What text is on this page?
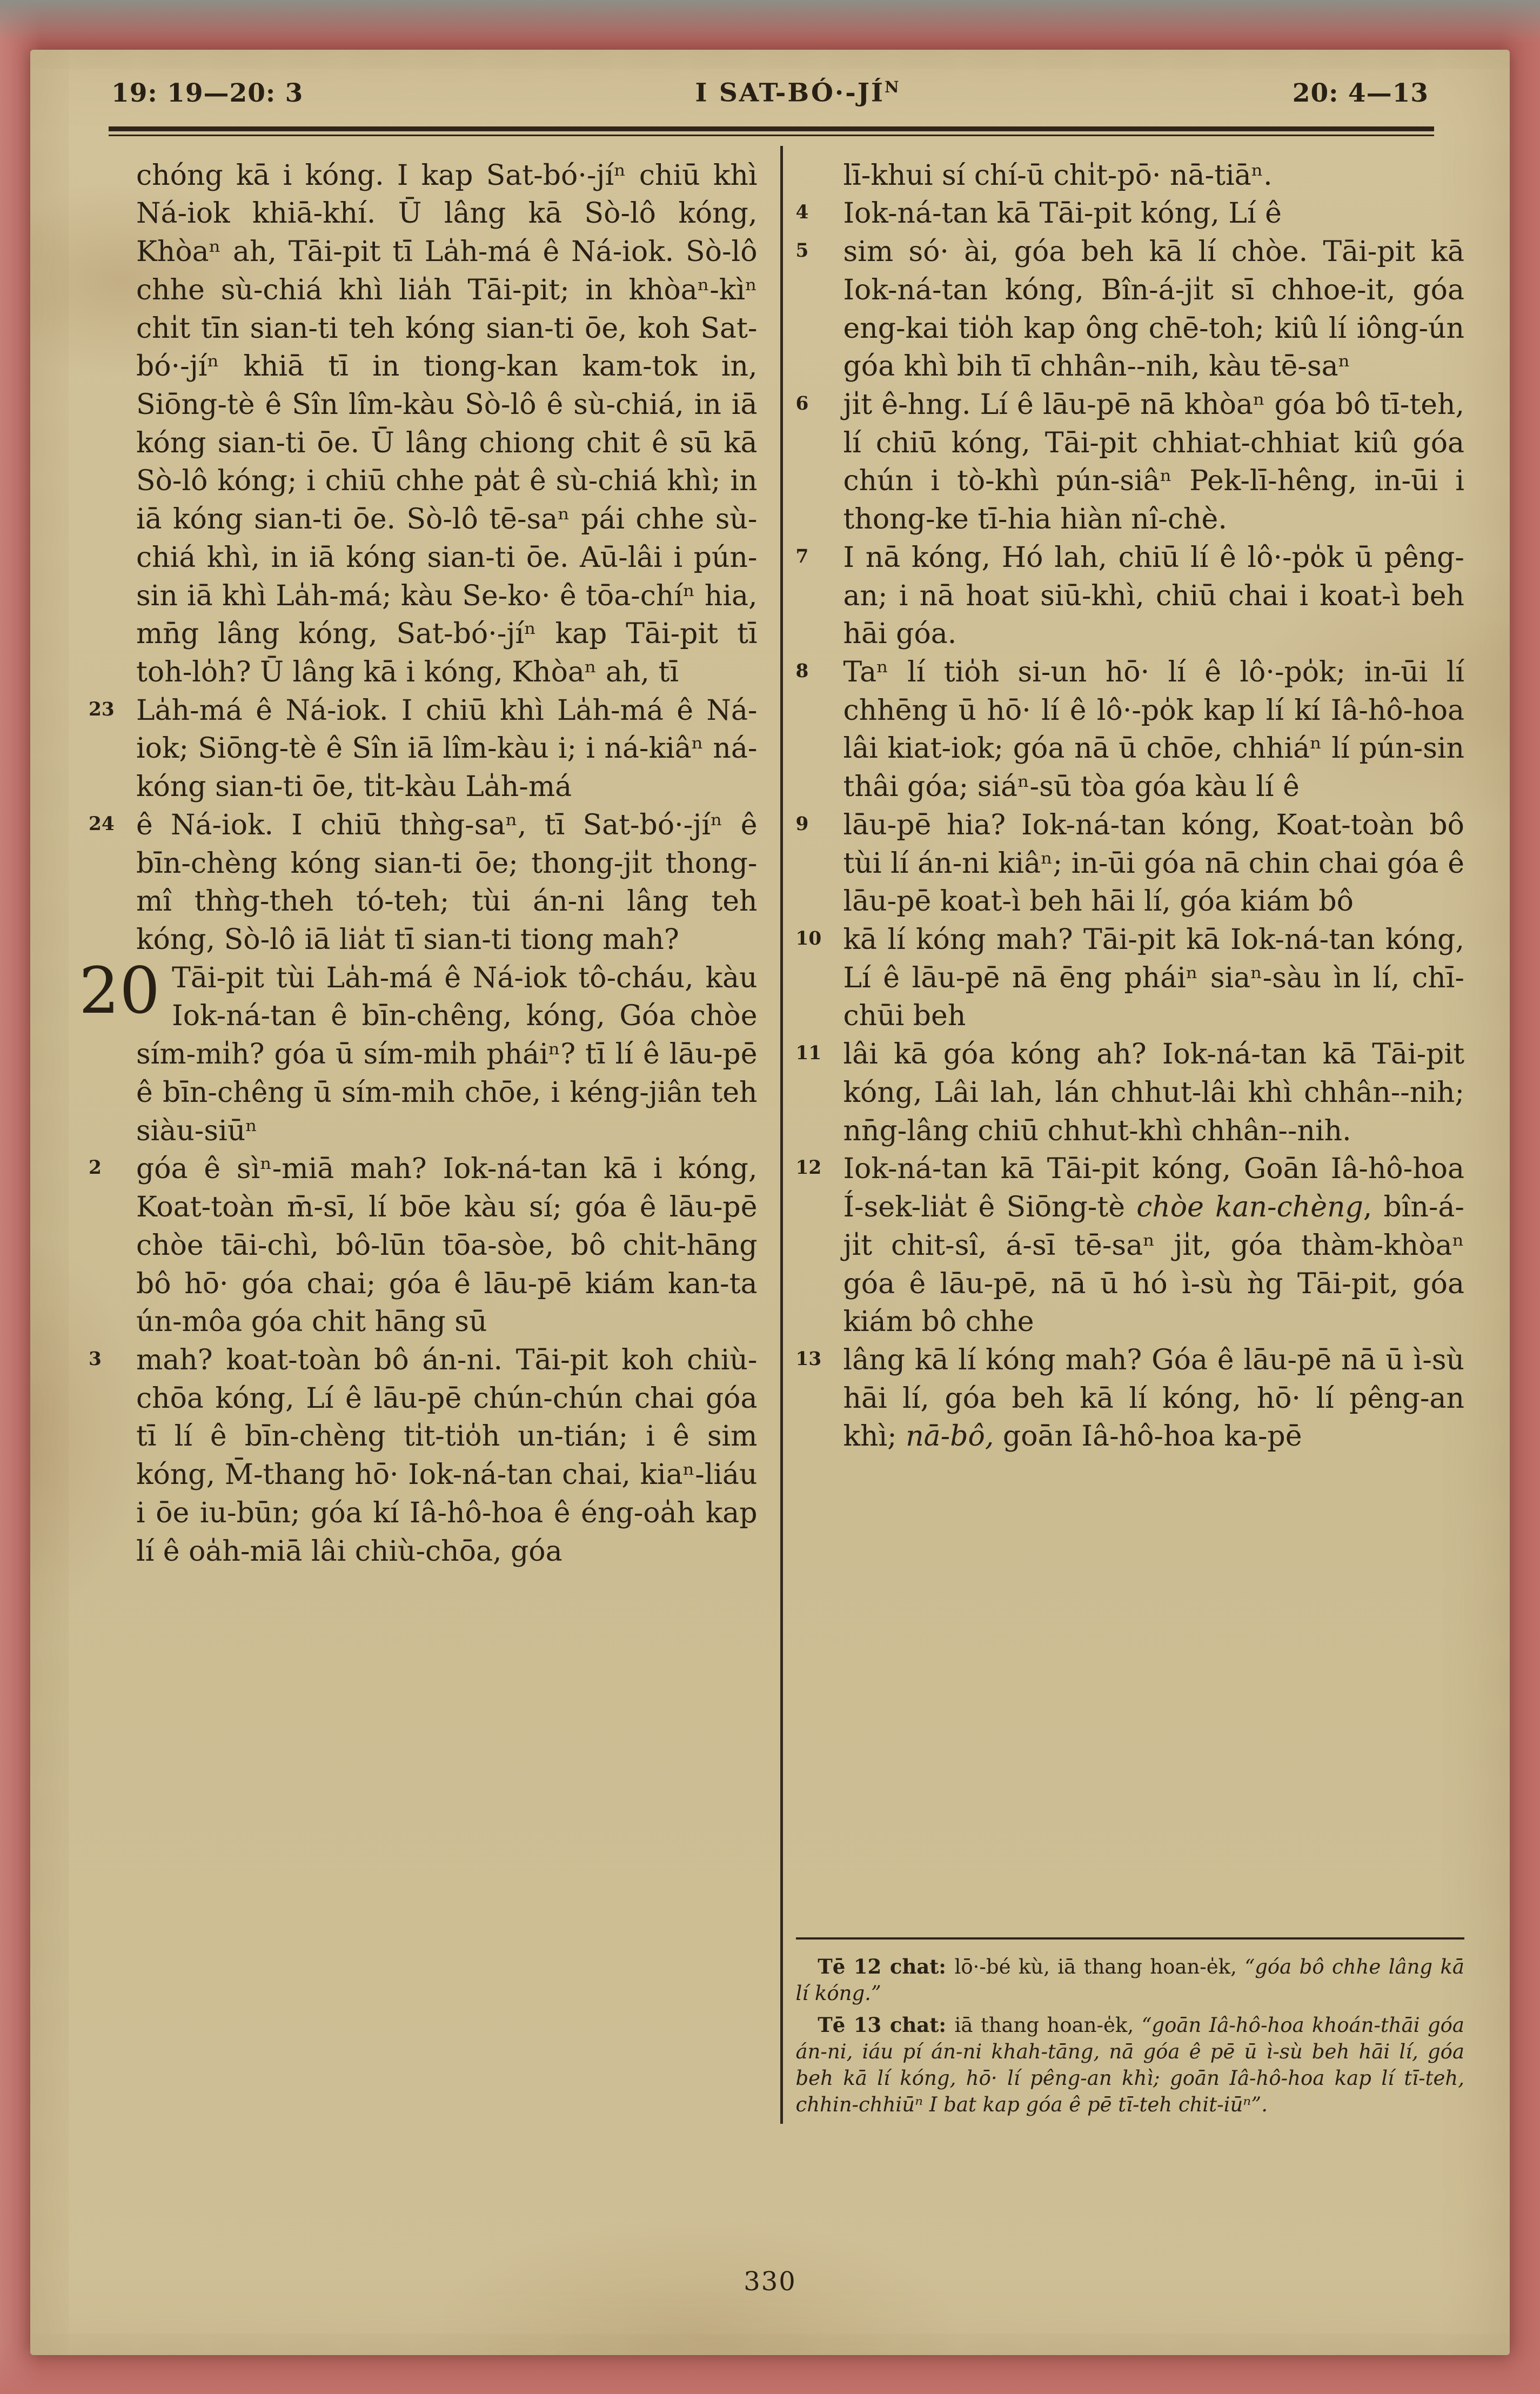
19: 19—20: 3	I SAT-$BÓ\cdot-JÍ^N$	20: 4—13

chóng kā i kóng. I kap Sat-bó·-jíⁿ chiū khì Ná-iok khiā-khí. Ū lâng kā Sò-lô kóng, Khòaⁿ ah, Tāi-pit tī La̍h-má ê Ná-iok. Sò-lô chhe sù-chiá khì lia̍h Tāi-pit; in khòaⁿ-kìⁿ chi̍t tīn sian-ti teh kóng sian-ti ōe, koh Sat-bó·-jíⁿ khiā tī in tiong-kan kam-tok in, Siōng-tè ê Sîn lîm-kàu Sò-lô ê sù-chiá, in iā kóng sian-ti ōe. Ū lâng chiong chit ê sū kā Sò-lô kóng; i chiū chhe pa̍t ê sù-chiá khì; in iā kóng sian-ti ōe. Sò-lô tē-saⁿ pái chhe sù-chiá khì, in iā kóng sian-ti ōe. Aū-lâi i pún-sin iā khì La̍h-má; kàu Se-ko· ê tōa-chíⁿ hia, mn̄g lâng kóng, Sat-bó·-jíⁿ kap Tāi-pit tī toh-lo̍h? Ū lâng kā i kóng, Khòaⁿ ah, tī

23 La̍h-má ê Ná-iok. I chiū khì La̍h-má ê Ná-iok; Siōng-tè ê Sîn iā lîm-kàu i; i ná-kiâⁿ ná-kóng sian-ti ōe, ti̍t-kàu La̍h-má

24 ê Ná-iok. I chiū thǹg-saⁿ, tī Sat-bó·-jíⁿ ê bīn-chèng kóng sian-ti ōe; thong-ji̍t thong-mî thǹg-theh tó-teh; tùi án-ni lâng teh kóng, Sò-lô iā lia̍t tī sian-ti tiong mah?

20 Tāi-pit tùi La̍h-má ê Ná-iok tô-cháu, kàu Iok-ná-tan ê bīn-chêng, kóng, Góa chòe sím-mi̍h? góa ū sím-mi̍h pháiⁿ? tī lí ê lāu-pē ê bīn-chêng ū sím-mi̍h chōe, i kéng-jiân teh siàu-siūⁿ

2 góa ê sìⁿ-miā mah? Iok-ná-tan kā i kóng, Koat-toàn m̄-sī, lí bōe kàu sí; góa ê lāu-pē chòe tāi-chì, bô-lūn tōa-sòe, bô chi̍t-hāng bô hō· góa chai; góa ê lāu-pē kiám kan-ta ún-môa góa chit hāng sū

3 mah? koat-toàn bô án-ni. Tāi-pit koh chiù-chōa kóng, Lí ê lāu-pē chún-chún chai góa tī lí ê bīn-chèng ti̍t-tio̍h un-tián; i ê sim kóng, M̄-thang hō· Iok-ná-tan chai, kiaⁿ-liáu i ōe iu-būn; góa kí Iâ-hô-hoa ê éng-oa̍h kap lí ê oa̍h-miā lâi chiù-chōa, góa

lī-khui sí chí-ū chi̍t-pō· nā-tiāⁿ.

4 Iok-ná-tan kā Tāi-pit kóng, Lí ê

5 sim só· ài, góa beh kā lí chòe. Tāi-pit kā Iok-ná-tan kóng, Bîn-á-ji̍t sī chhoe-it, góa eng-kai tio̍h kap ông chē-toh; kiû lí iông-ún góa khì bih tī chhân--nih, kàu tē-saⁿ

6 ji̍t ê-hng. Lí ê lāu-pē nā khòaⁿ góa bô tī-teh, lí chiū kóng, Tāi-pit chhiat-chhiat kiû góa chún i tò-khì pún-siâⁿ Pek-lī-hêng, in-ūi i thong-ke tī-hia hiàn nî-chè.

7 I nā kóng, Hó lah, chiū lí ê lô·-po̍k ū pêng-an; i nā hoat siū-khì, chiū chai i koat-ì beh hāi góa.

8 Taⁿ lí tio̍h si-un hō· lí ê lô·-po̍k; in-ūi lí chhēng ū hō· lí ê lô·-po̍k kap lí kí Iâ-hô-hoa lâi kiat-iok; góa nā ū chōe, chhiáⁿ lí pún-sin thâi góa; siáⁿ-sū tòa góa kàu lí ê

9 lāu-pē hia? Iok-ná-tan kóng, Koat-toàn bô tùi lí án-ni kiâⁿ; in-ūi góa nā chin chai góa ê lāu-pē koat-ì beh hāi lí, góa kiám bô

10 kā lí kóng mah? Tāi-pit kā Iok-ná-tan kóng, Lí ê lāu-pē nā ēng pháiⁿ siaⁿ-sàu ìn lí, chī-chūi beh

11 lâi kā góa kóng ah? Iok-ná-tan kā Tāi-pit kóng, Lâi lah, lán chhut-lâi khì chhân--nih; nn̄g-lâng chiū chhut-khì chhân--nih.

12 Iok-ná-tan kā Tāi-pit kóng, Goān Iâ-hô-hoa Í-sek-lia̍t ê Siōng-tè chòe kan-chèng, bîn-á-ji̍t chit-sî, á-sī tē-saⁿ ji̍t, góa thàm-khòaⁿ góa ê lāu-pē, nā ū hó ì-sù ǹg Tāi-pit, góa kiám bô chhe

13 lâng kā lí kóng mah? Góa ê lāu-pē nā ū ì-sù hāi lí, góa beh kā lí kóng, hō· lí pêng-an khì; nā-bô, goān Iâ-hô-hoa ka-pē

Tē 12 chat: lō·-bé kù, iā thang hoan-e̍k, “góa bô chhe lâng kā lí kóng.”

Tē 13 chat: iā thang hoan-e̍k, “goān Iâ-hô-hoa khoán-thāi góa án-ni, iáu pí án-ni khah-tāng, nā góa ê pē ū ì-sù beh hāi lí, góa beh kā lí kóng, hō· lí pêng-an khì; goān Iâ-hô-hoa kap lí tī-teh, chhin-chhiūⁿ I bat kap góa ê pē tī-teh chit-iūⁿ”.

330
